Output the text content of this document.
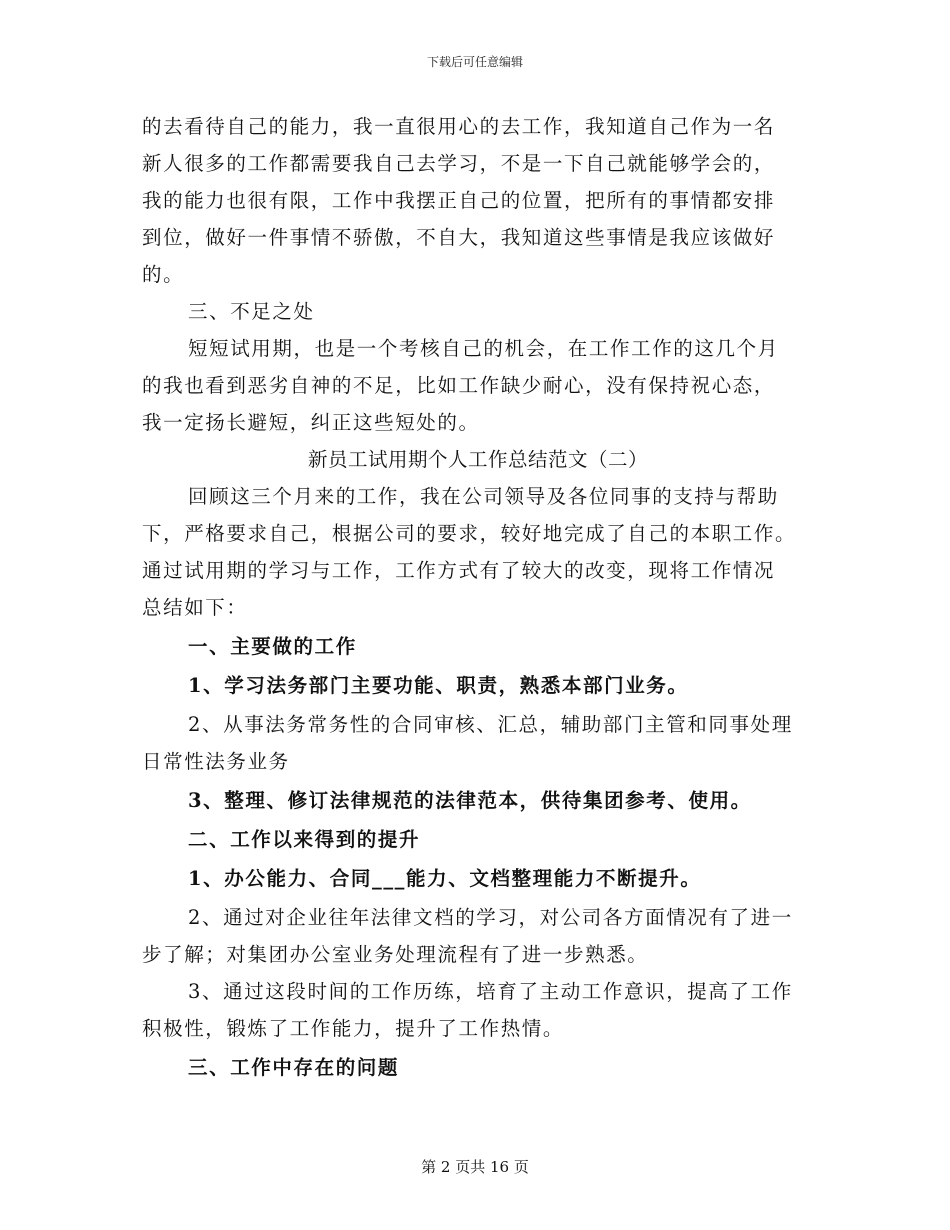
下载后可任意编辑

的去看待自己的能力，我一直很用心的去工作，我知道自己作为一名

新人很多的工作都需要我自己去学习，不是一下自己就能够学会的，

我的能力也很有限，工作中我摆正自己的位置，把所有的事情都安排

到位，做好一件事情不骄傲，不自大，我知道这些事情是我应该做好

的。

三、不足之处

短短试用期，也是一个考核自己的机会，在工作工作的这几个月

的我也看到恶劣自神的不足，比如工作缺少耐心，没有保持祝心态，

我一定扬长避短，纠正这些短处的。

新员工试用期个人工作总结范文（二）

回顾这三个月来的工作，我在公司领导及各位同事的支持与帮助

下，严格要求自己，根据公司的要求，较好地完成了自己的本职工作。

通过试用期的学习与工作，工作方式有了较大的改变，现将工作情况

总结如下：

一、主要做的工作

1、学习法务部门主要功能、职责，熟悉本部门业务。

2、从事法务常务性的合同审核、汇总，辅助部门主管和同事处理

日常性法务业务

3、整理、修订法律规范的法律范本，供待集团参考、使用。

二、工作以来得到的提升

1、办公能力、合同___能力、文档整理能力不断提升。

2、通过对企业往年法律文档的学习，对公司各方面情况有了进一

步了解；对集团办公室业务处理流程有了进一步熟悉。

3、通过这段时间的工作历练，培育了主动工作意识，提高了工作

积极性，锻炼了工作能力，提升了工作热情。

三、工作中存在的问题

第 2 页共 16 页
